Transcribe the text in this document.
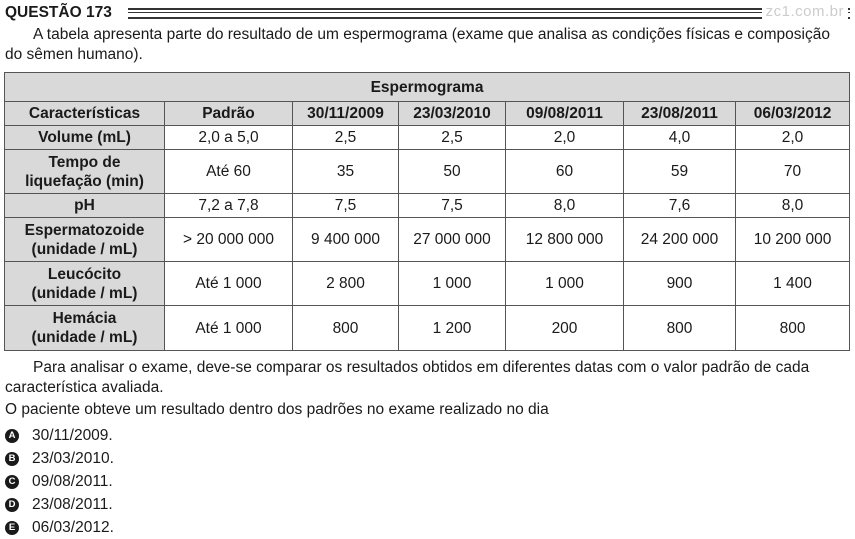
QUESTÃO 173	zc1.com.br
A tabela apresenta parte do resultado de um espermograma (exame que analisa as condições físicas e composição
do sêmen humano).
Espermograma						
Características	Padrão	30/11/2009	23/03/2010	09/08/2011	23/08/2011	06/03/2012
Volume (mL)	2,0 a 5,0	2,5	2,5	2,0	4,0	2,0
Tempo de
liquefação (min)	Até 60	35	50	60	59	70
pH	7,2 a 7,8	7,5	7,5	8,0	7,6	8,0
Espermatozoide
(unidade / mL)	> 20 000 000	9 400 000	27 000 000	12 800 000	24 200 000	10 200 000
Leucócito
(unidade / mL)	Até 1 000	2 800	1 000	1 000	900	1 400
Hemácia
(unidade / mL)	Até 1 000	800	1 200	200	800	800
Para analisar o exame, deve-se comparar os resultados obtidos em diferentes datas com o valor padrão de cada
característica avaliada.
O paciente obteve um resultado dentro dos padrões no exame realizado no dia
A 30/11/2009.
B 23/03/2010.
C 09/08/2011.
D 23/08/2011.
E 06/03/2012.
